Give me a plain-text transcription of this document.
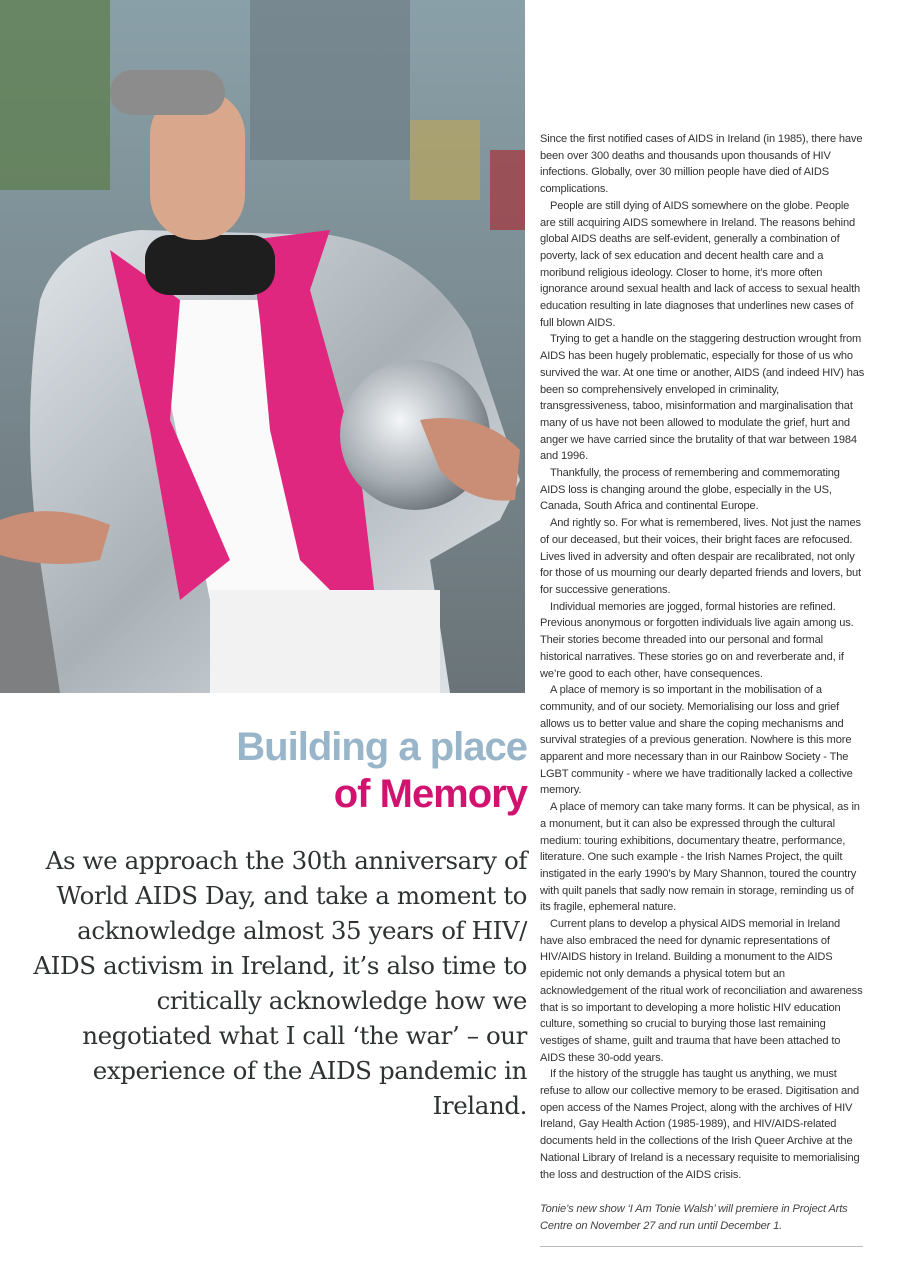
Building a place
of Memory

As we approach the 30th anniversary of World AIDS Day, and take a moment to acknowledge almost 35 years of HIV/ AIDS activism in Ireland, it’s also time to critically acknowledge how we negotiated what I call ‘the war’ – our experience of the AIDS pandemic in Ireland.

Since the first notified cases of AIDS in Ireland (in 1985), there have been over 300 deaths and thousands upon thousands of HIV infections. Globally, over 30 million people have died of AIDS complications.

People are still dying of AIDS somewhere on the globe. People are still acquiring AIDS somewhere in Ireland. The reasons behind global AIDS deaths are self-evident, generally a combination of poverty, lack of sex education and decent health care and a moribund religious ideology. Closer to home, it’s more often ignorance around sexual health and lack of access to sexual health education resulting in late diagnoses that underlines new cases of full blown AIDS.

Trying to get a handle on the staggering destruction wrought from AIDS has been hugely problematic, especially for those of us who survived the war. At one time or another, AIDS (and indeed HIV) has been so comprehensively enveloped in criminality, transgressiveness, taboo, misinformation and marginalisation that many of us have not been allowed to modulate the grief, hurt and anger we have carried since the brutality of that war between 1984 and 1996.

Thankfully, the process of remembering and commemorating AIDS loss is changing around the globe, especially in the US, Canada, South Africa and continental Europe.

And rightly so. For what is remembered, lives. Not just the names of our deceased, but their voices, their bright faces are refocused. Lives lived in adversity and often despair are recalibrated, not only for those of us mourning our dearly departed friends and lovers, but for successive generations.

Individual memories are jogged, formal histories are refined. Previous anonymous or forgotten individuals live again among us. Their stories become threaded into our personal and formal historical narratives. These stories go on and reverberate and, if we’re good to each other, have consequences.

A place of memory is so important in the mobilisation of a community, and of our society. Memorialising our loss and grief allows us to better value and share the coping mechanisms and survival strategies of a previous generation. Nowhere is this more apparent and more necessary than in our Rainbow Society - The LGBT community - where we have traditionally lacked a collective memory.

A place of memory can take many forms. It can be physical, as in a monument, but it can also be expressed through the cultural medium: touring exhibitions, documentary theatre, performance, literature. One such example - the Irish Names Project, the quilt instigated in the early 1990’s by Mary Shannon, toured the country with quilt panels that sadly now remain in storage, reminding us of its fragile, ephemeral nature.

Current plans to develop a physical AIDS memorial in Ireland have also embraced the need for dynamic representations of HIV/AIDS history in Ireland. Building a monument to the AIDS epidemic not only demands a physical totem but an acknowledgement of the ritual work of reconciliation and awareness that is so important to developing a more holistic HIV education culture, something so crucial to burying those last remaining vestiges of shame, guilt and trauma that have been attached to AIDS these 30-odd years.

If the history of the struggle has taught us anything, we must refuse to allow our collective memory to be erased. Digitisation and open access of the Names Project, along with the archives of HIV Ireland, Gay Health Action (1985-1989), and HIV/AIDS-related documents held in the collections of the Irish Queer Archive at the National Library of Ireland is a necessary requisite to memorialising the loss and destruction of the AIDS crisis.

Tonie’s new show ‘I Am Tonie Walsh’ will premiere in Project Arts Centre on November 27 and run until December 1.
